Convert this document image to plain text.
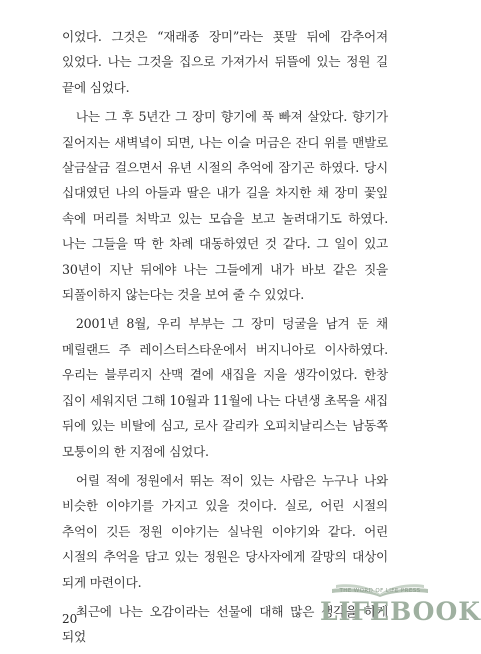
이었다. 그것은 “재래종 장미”라는 푯말 뒤에 감추어져 있었다. 나는 그것을 집으로 가져가서 뒤뜰에 있는 정원 길 끝에 심었다.

나는 그 후 5년간 그 장미 향기에 푹 빠져 살았다. 향기가 짙어지는 새벽녘이 되면, 나는 이슬 머금은 잔디 위를 맨발로 살금살금 걸으면서 유년 시절의 추억에 잠기곤 하였다. 당시 십대였던 나의 아들과 딸은 내가 길을 차지한 채 장미 꽃잎 속에 머리를 처박고 있는 모습을 보고 놀려대기도 하였다. 나는 그들을 딱 한 차례 대동하였던 것 같다. 그 일이 있고 30년이 지난 뒤에야 나는 그들에게 내가 바보 같은 짓을 되풀이하지 않는다는 것을 보여 줄 수 있었다.

2001년 8월, 우리 부부는 그 장미 덩굴을 남겨 둔 채 메릴랜드 주 레이스터스타운에서 버지니아로 이사하였다. 우리는 블루리지 산맥 곁에 새집을 지을 생각이었다. 한창 집이 세워지던 그해 10월과 11월에 나는 다년생 초목을 새집 뒤에 있는 비탈에 심고, 로사 갈리카 오피치날리스는 남동쪽 모퉁이의 한 지점에 심었다.

어릴 적에 정원에서 뛰논 적이 있는 사람은 누구나 나와 비슷한 이야기를 가지고 있을 것이다. 실로, 어린 시절의 추억이 깃든 정원 이야기는 실낙원 이야기와 같다. 어린 시절의 추억을 담고 있는 정원은 당사자에게 갈망의 대상이 되게 마련이다.

최근에 나는 오감이라는 선물에 대해 많은 생각을 하게 되었

20
THE WORD OF LIFE PRESS
LIFEBOOK
